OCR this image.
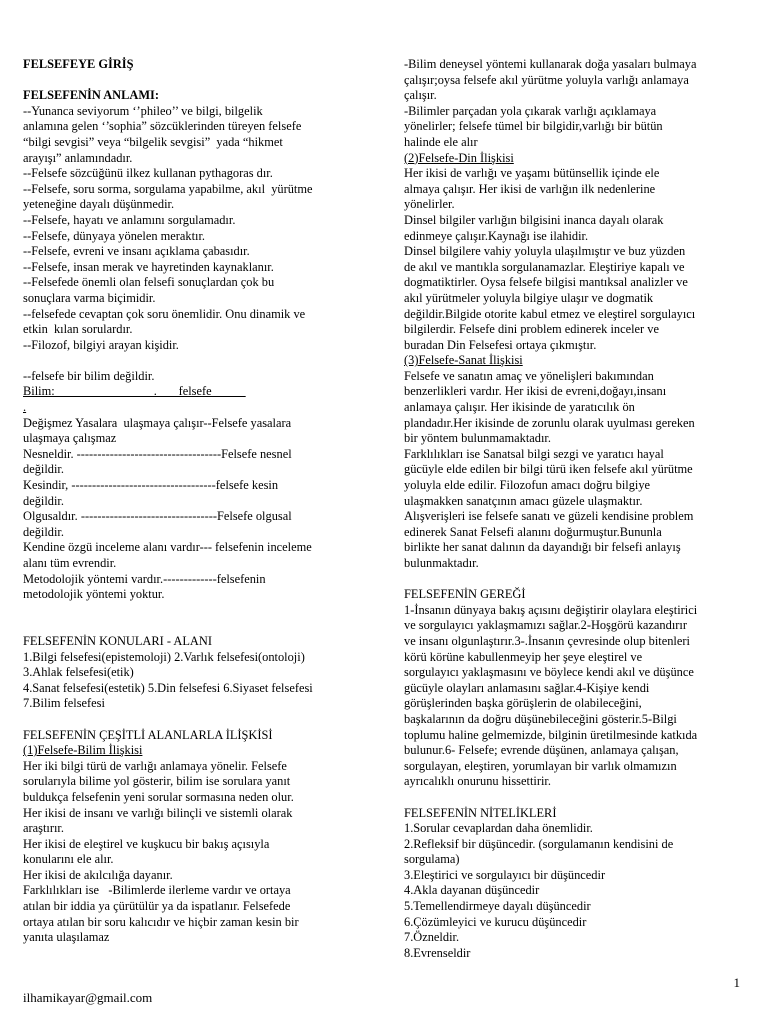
FELSEFEYE GİRİŞ
FELSEFENİN ANLAMI:
--Yunanca seviyorum ‘’phileo’’ ve bilgi, bilgelik
anlamına gelen ‘’sophia” sözcüklerinden türeyen felsefe
“bilgi sevgisi” veya “bilgelik sevgisi”  yada “hikmet
arayışı” anlamındadır.
--Felsefe sözcüğünü ilkez kullanan pythagoras dır.
--Felsefe, soru sorma, sorgulama yapabilme, akıl  yürütme
yeteneğine dayalı düşünmedir.
--Felsefe, hayatı ve anlamını sorgulamadır.
--Felsefe, dünyaya yönelen meraktır.
--Felsefe, evreni ve insanı açıklama çabasıdır.
--Felsefe, insan merak ve hayretinden kaynaklanır.
--Felsefede önemli olan felsefi sonuçlardan çok bu
sonuçlara varma biçimidir.
--felsefede cevaptan çok soru önemlidir. Onu dinamik ve
etkin  kılan sorulardır.
--Filozof, bilgiyi arayan kişidir.
--felsefe bir bilim değildir.
Bilim:                                .       felsefe
.
Değişmez Yasalara  ulaşmaya çalışır--Felsefe yasalara
ulaşmaya çalışmaz
Nesneldir. -----------------------------------Felsefe nesnel
değildir.
Kesindir, -----------------------------------felsefe kesin
değildir.
Olgusaldır. ---------------------------------Felsefe olgusal
değildir.
Kendine özgü inceleme alanı vardır--- felsefenin inceleme
alanı tüm evrendir.
Metodolojik yöntemi vardır.-------------felsefenin
metodolojik yöntemi yoktur.
FELSEFENİN KONULARI - ALANI
1.Bilgi felsefesi(epistemoloji) 2.Varlık felsefesi(ontoloji)
3.Ahlak felsefesi(etik)
4.Sanat felsefesi(estetik) 5.Din felsefesi 6.Siyaset felsefesi
7.Bilim felsefesi
FELSEFENİN ÇEŞİTLİ ALANLARLA İLİŞKİSİ
(1)Felsefe-Bilim İlişkisi
Her iki bilgi türü de varlığı anlamaya yönelir. Felsefe
sorularıyla bilime yol gösterir, bilim ise sorulara yanıt
buldukça felsefenin yeni sorular sormasına neden olur.
Her ikisi de insanı ve varlığı bilinçli ve sistemli olarak
araştırır.
Her ikisi de eleştirel ve kuşkucu bir bakış açısıyla
konularını ele alır.
Her ikisi de akılcılığa dayanır.
Farklılıkları ise   -Bilimlerde ilerleme vardır ve ortaya
atılan bir iddia ya çürütülür ya da ispatlanır. Felsefede
ortaya atılan bir soru kalıcıdır ve hiçbir zaman kesin bir
yanıta ulaşılamaz
-Bilim deneysel yöntemi kullanarak doğa yasaları bulmaya
çalışır;oysa felsefe akıl yürütme yoluyla varlığı anlamaya
çalışır.
-Bilimler parçadan yola çıkarak varlığı açıklamaya
yönelirler; felsefe tümel bir bilgidir,varlığı bir bütün
halinde ele alır
(2)Felsefe-Din İlişkisi
Her ikisi de varlığı ve yaşamı bütünsellik içinde ele
almaya çalışır. Her ikisi de varlığın ilk nedenlerine
yönelirler.
Dinsel bilgiler varlığın bilgisini inanca dayalı olarak
edinmeye çalışır.Kaynağı ise ilahidir.
Dinsel bilgilere vahiy yoluyla ulaşılmıştır ve buz yüzden
de akıl ve mantıkla sorgulanamazlar. Eleştiriye kapalı ve
dogmatiktirler. Oysa felsefe bilgisi mantıksal analizler ve
akıl yürütmeler yoluyla bilgiye ulaşır ve dogmatik
değildir.Bilgide otorite kabul etmez ve eleştirel sorgulayıcı
bilgilerdir. Felsefe dini problem edinerek inceler ve
buradan Din Felsefesi ortaya çıkmıştır.
(3)Felsefe-Sanat İlişkisi
Felsefe ve sanatın amaç ve yönelişleri bakımından
benzerlikleri vardır. Her ikisi de evreni,doğayı,insanı
anlamaya çalışır. Her ikisinde de yaratıcılık ön
plandadır.Her ikisinde de zorunlu olarak uyulması gereken
bir yöntem bulunmamaktadır.
Farklılıkları ise Sanatsal bilgi sezgi ve yaratıcı hayal
gücüyle elde edilen bir bilgi türü iken felsefe akıl yürütme
yoluyla elde edilir. Filozofun amacı doğru bilgiye
ulaşmakken sanatçının amacı güzele ulaşmaktır.
Alışverişleri ise felsefe sanatı ve güzeli kendisine problem
edinerek Sanat Felsefi alanını doğurmuştur.Bununla
birlikte her sanat dalının da dayandığı bir felsefi anlayış
bulunmaktadır.
FELSEFENİN GEREĞİ
1-İnsanın dünyaya bakış açısını değiştirir olaylara eleştirici
ve sorgulayıcı yaklaşmamızı sağlar.2-Hoşgörü kazandırır
ve insanı olgunlaştırır.3-.İnsanın çevresinde olup bitenleri
körü körüne kabullenmeyip her şeye eleştirel ve
sorgulayıcı yaklaşmasını ve böylece kendi akıl ve düşünce
gücüyle olayları anlamasını sağlar.4-Kişiye kendi
görüşlerinden başka görüşlerin de olabileceğini,
başkalarının da doğru düşünebileceğini gösterir.5-Bilgi
toplumu haline gelmemizde, bilginin üretilmesinde katkıda
bulunur.6- Felsefe; evrende düşünen, anlamaya çalışan,
sorgulayan, eleştiren, yorumlayan bir varlık olmamızın
ayrıcalıklı onurunu hissettirir.
FELSEFENİN NİTELİKLERİ
1.Sorular cevaplardan daha önemlidir.
2.Refleksif bir düşüncedir. (sorgulamanın kendisini de
sorgulama)
3.Eleştirici ve sorgulayıcı bir düşüncedir
4.Akla dayanan düşüncedir
5.Temellendirmeye dayalı düşüncedir
6.Çözümleyici ve kurucu düşüncedir
7.Özneldir.
8.Evrenseldir
ilhamikayar@gmail.com
1
